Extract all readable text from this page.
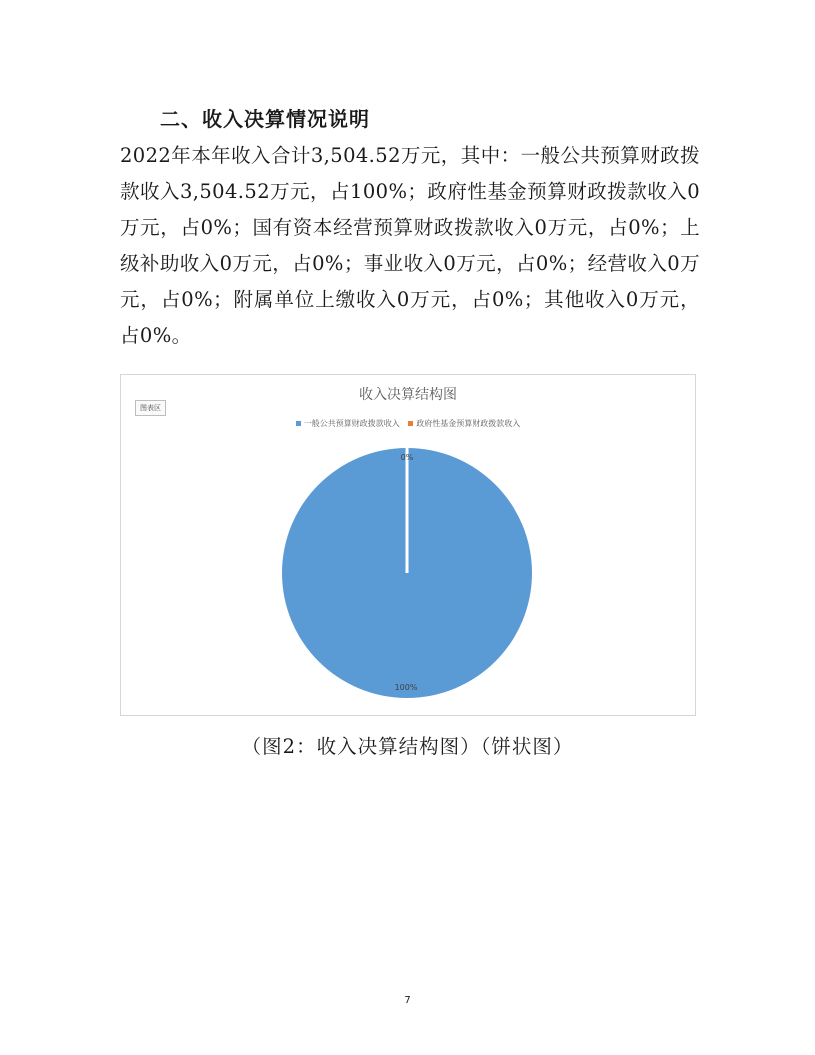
二、收入决算情况说明
2022年本年收入合计3,504.52万元，其中：一般公共预算财政拨款收入3,504.52万元，占100%；政府性基金预算财政拨款收入0万元，占0%；国有资本经营预算财政拨款收入0万元，占0%；上级补助收入0万元，占0%；事业收入0万元，占0%；经营收入0万元，占0%；附属单位上缴收入0万元，占0%；其他收入0万元，占0%。
图表区
收入决算结构图
一般公共预算财政拨款收入 政府性基金预算财政拨款收入
100%
0%
（图2：收入决算结构图）（饼状图）
7
